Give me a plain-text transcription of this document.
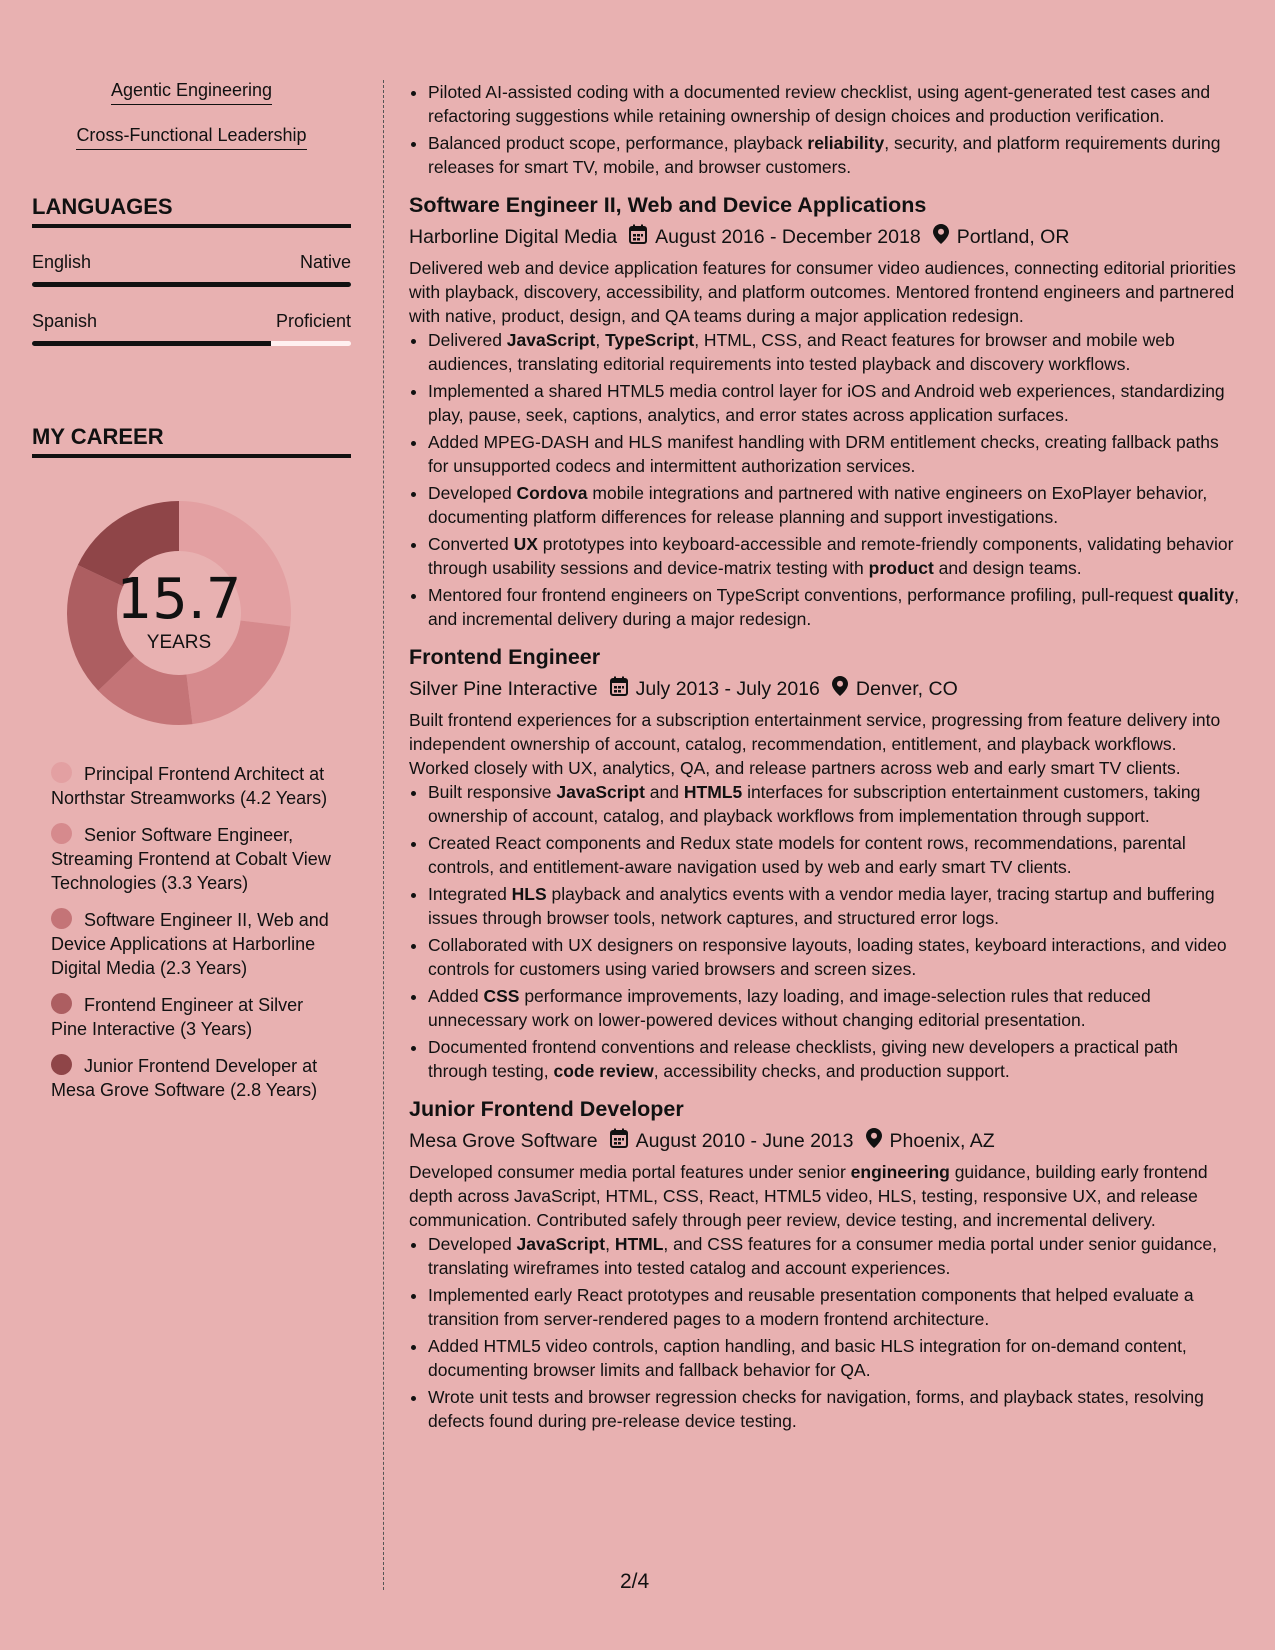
Agentic Engineering
Cross-Functional Leadership
LANGUAGES
English	Native
Spanish	Proficient
MY CAREER
15.7
YEARS
Principal Frontend Architect at Northstar Streamworks (4.2 Years)
Senior Software Engineer, Streaming Frontend at Cobalt View Technologies (3.3 Years)
Software Engineer II, Web and Device Applications at Harborline Digital Media (2.3 Years)
Frontend Engineer at Silver Pine Interactive (3 Years)
Junior Frontend Developer at Mesa Grove Software (2.8 Years)
• Piloted AI-assisted coding with a documented review checklist, using agent-generated test cases and refactoring suggestions while retaining ownership of design choices and production verification.
• Balanced product scope, performance, playback reliability, security, and platform requirements during releases for smart TV, mobile, and browser customers.
Software Engineer II, Web and Device Applications
Harborline Digital Media August 2016 - December 2018 Portland, OR
Delivered web and device application features for consumer video audiences, connecting editorial priorities with playback, discovery, accessibility, and platform outcomes. Mentored frontend engineers and partnered with native, product, design, and QA teams during a major application redesign.
• Delivered JavaScript, TypeScript, HTML, CSS, and React features for browser and mobile web audiences, translating editorial requirements into tested playback and discovery workflows.
• Implemented a shared HTML5 media control layer for iOS and Android web experiences, standardizing play, pause, seek, captions, analytics, and error states across application surfaces.
• Added MPEG-DASH and HLS manifest handling with DRM entitlement checks, creating fallback paths for unsupported codecs and intermittent authorization services.
• Developed Cordova mobile integrations and partnered with native engineers on ExoPlayer behavior, documenting platform differences for release planning and support investigations.
• Converted UX prototypes into keyboard-accessible and remote-friendly components, validating behavior through usability sessions and device-matrix testing with product and design teams.
• Mentored four frontend engineers on TypeScript conventions, performance profiling, pull-request quality, and incremental delivery during a major redesign.
Frontend Engineer
Silver Pine Interactive July 2013 - July 2016 Denver, CO
Built frontend experiences for a subscription entertainment service, progressing from feature delivery into independent ownership of account, catalog, recommendation, entitlement, and playback workflows. Worked closely with UX, analytics, QA, and release partners across web and early smart TV clients.
• Built responsive JavaScript and HTML5 interfaces for subscription entertainment customers, taking ownership of account, catalog, and playback workflows from implementation through support.
• Created React components and Redux state models for content rows, recommendations, parental controls, and entitlement-aware navigation used by web and early smart TV clients.
• Integrated HLS playback and analytics events with a vendor media layer, tracing startup and buffering issues through browser tools, network captures, and structured error logs.
• Collaborated with UX designers on responsive layouts, loading states, keyboard interactions, and video controls for customers using varied browsers and screen sizes.
• Added CSS performance improvements, lazy loading, and image-selection rules that reduced unnecessary work on lower-powered devices without changing editorial presentation.
• Documented frontend conventions and release checklists, giving new developers a practical path through testing, code review, accessibility checks, and production support.
Junior Frontend Developer
Mesa Grove Software August 2010 - June 2013 Phoenix, AZ
Developed consumer media portal features under senior engineering guidance, building early frontend depth across JavaScript, HTML, CSS, React, HTML5 video, HLS, testing, responsive UX, and release communication. Contributed safely through peer review, device testing, and incremental delivery.
• Developed JavaScript, HTML, and CSS features for a consumer media portal under senior guidance, translating wireframes into tested catalog and account experiences.
• Implemented early React prototypes and reusable presentation components that helped evaluate a transition from server-rendered pages to a modern frontend architecture.
• Added HTML5 video controls, caption handling, and basic HLS integration for on-demand content, documenting browser limits and fallback behavior for QA.
• Wrote unit tests and browser regression checks for navigation, forms, and playback states, resolving defects found during pre-release device testing.
2/4
